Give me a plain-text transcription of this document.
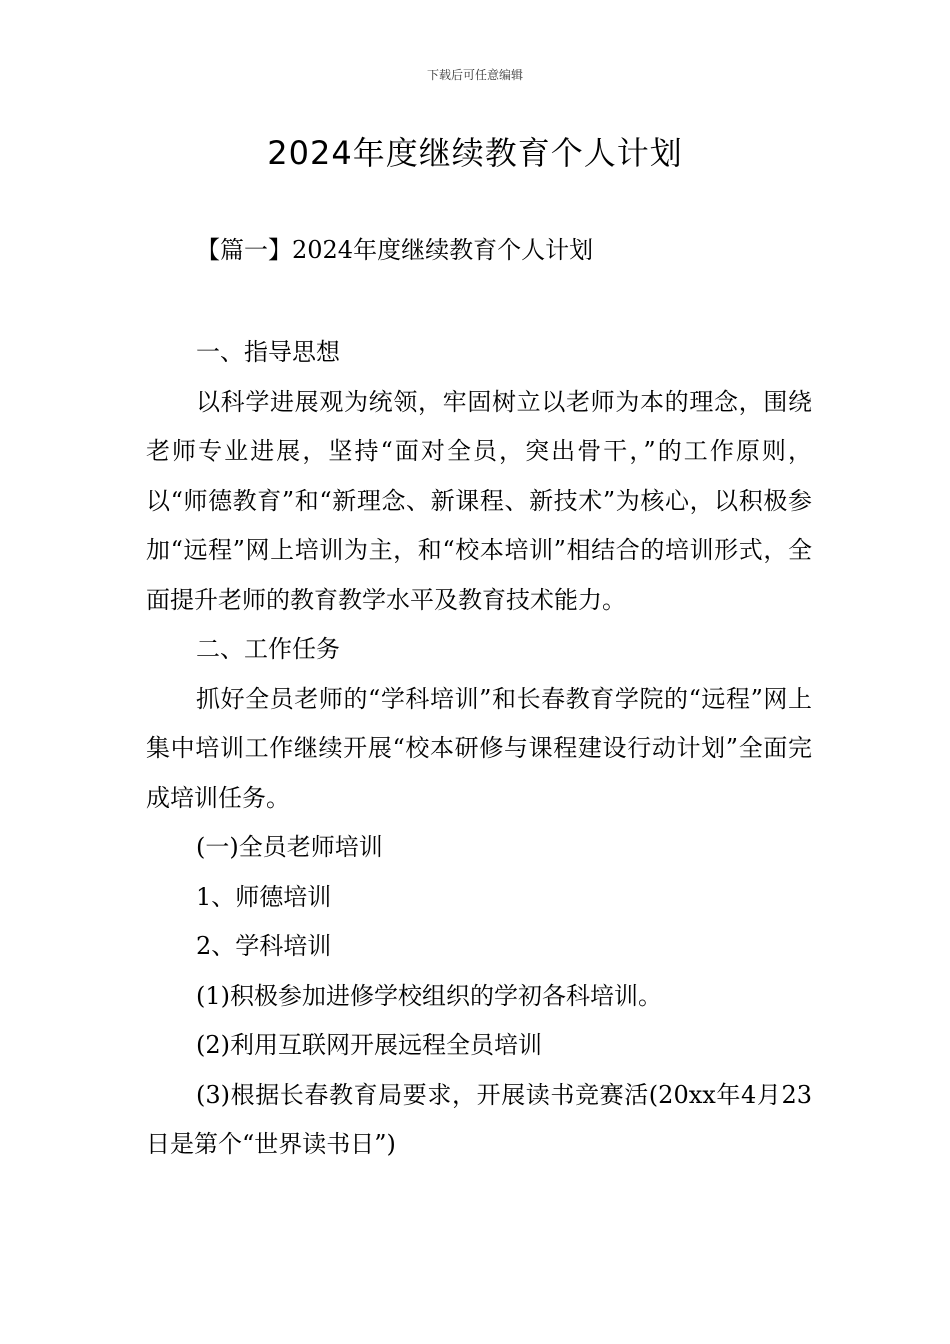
下载后可任意编辑
2024年度继续教育个人计划
【篇一】2024年度继续教育个人计划

一、指导思想

以科学进展观为统领，牢固树立以老师为本的理念，围绕老师专业进展，坚持“面对全员，突出骨干，”的工作原则，以“师德教育”和“新理念、新课程、新技术”为核心，以积极参加“远程”网上培训为主，和“校本培训”相结合的培训形式，全面提升老师的教育教学水平及教育技术能力。

二、工作任务

抓好全员老师的“学科培训”和长春教育学院的“远程”网上集中培训工作继续开展“校本研修与课程建设行动计划”全面完成培训任务。

(一)全员老师培训

1、师德培训

2、学科培训

(1)积极参加进修学校组织的学初各科培训。

(2)利用互联网开展远程全员培训

(3)根据长春教育局要求，开展读书竞赛活(20xx年4月23日是第个“世界读书日”)
